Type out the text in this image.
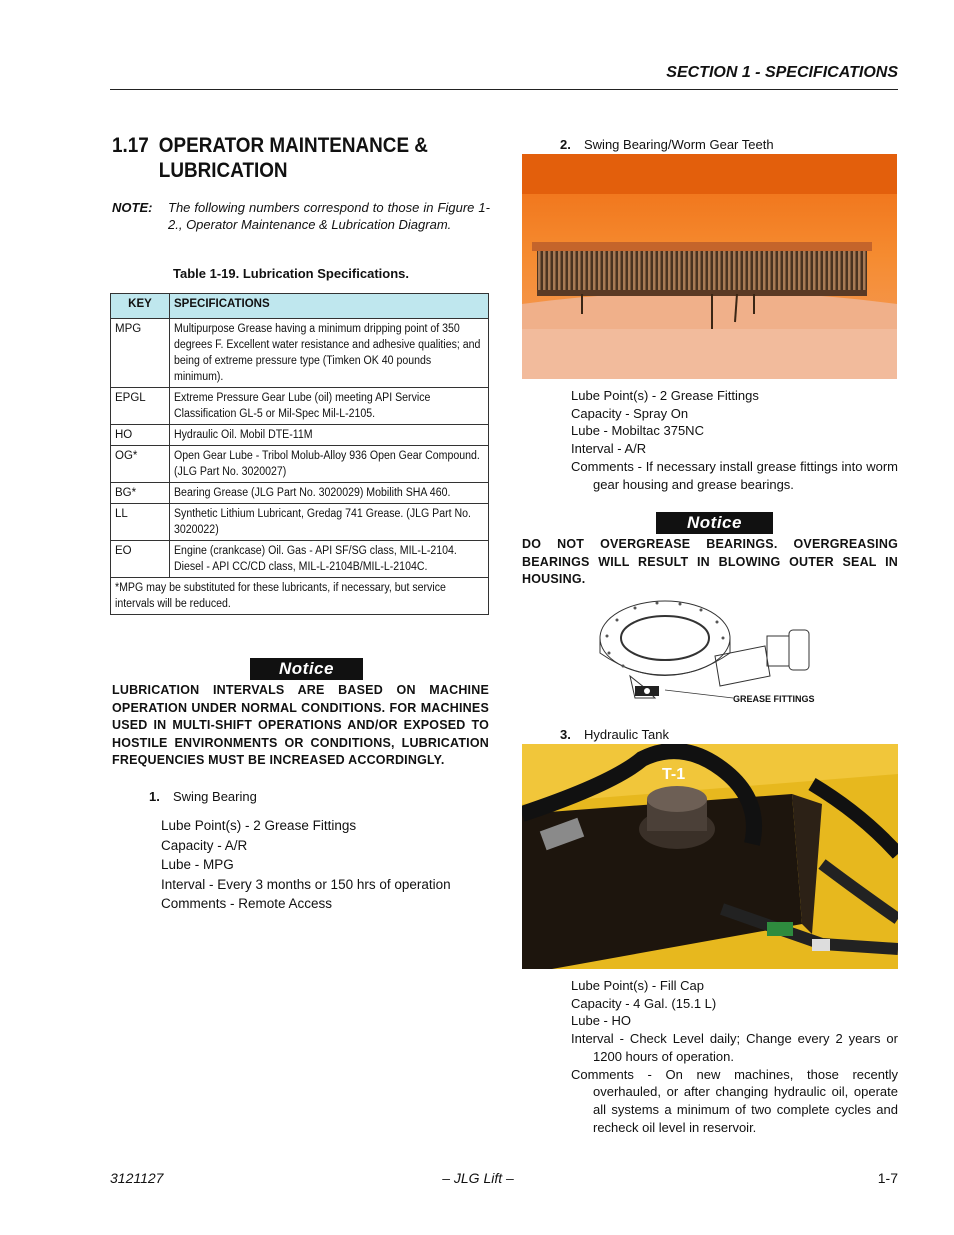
SECTION 1 - SPECIFICATIONS
1.17 OPERATOR MAINTENANCE &
LUBRICATION
NOTE: The following numbers correspond to those in Figure 1-2., Operator Maintenance & Lubrication Diagram.
Table 1-19. Lubrication Specifications.
KEY	SPECIFICATIONS
MPG	Multipurpose Grease having a minimum dripping point of 350 degrees F. Excellent water resistance and adhesive qualities; and being of extreme pressure type (Timken OK 40 pounds minimum).

EPGL	Extreme Pressure Gear Lube (oil) meeting API Service Classification GL-5 or Mil-Spec Mil-L-2105.

HO	Hydraulic Oil. Mobil DTE-11M

OG*	Open Gear Lube - Tribol Molub-Alloy 936 Open Gear Compound. (JLG Part No. 3020027)

BG*	Bearing Grease (JLG Part No. 3020029) Mobilith SHA 460.

LL	Synthetic Lithium Lubricant, Gredag 741 Grease. (JLG Part No. 3020022)

EO	Engine (crankcase) Oil. Gas - API SF/SG class, MIL-L-2104. Diesel - API CC/CD class, MIL-L-2104B/MIL-L-2104C.

*MPG may be substituted for these lubricants, if necessary, but service intervals will be reduced.	
Notice
LUBRICATION INTERVALS ARE BASED ON MACHINE OPERATION UNDER NORMAL CONDITIONS. FOR MACHINES USED IN MULTI-SHIFT OPERATIONS AND/OR EXPOSED TO HOSTILE ENVIRONMENTS OR CONDITIONS, LUBRICATION FREQUENCIES MUST BE INCREASED ACCORDINGLY.
1. Swing Bearing
Lube Point(s) - 2 Grease Fittings
Capacity - A/R
Lube - MPG
Interval - Every 3 months or 150 hrs of operation
Comments - Remote Access
2. Swing Bearing/Worm Gear Teeth
Lube Point(s) - 2 Grease Fittings
Capacity - Spray On
Lube - Mobiltac 375NC
Interval - A/R
Comments - If necessary install grease fittings into worm gear housing and grease bearings.
Notice
DO NOT OVERGREASE BEARINGS. OVERGREASING BEARINGS WILL RESULT IN BLOWING OUTER SEAL IN HOUSING.
GREASE FITTINGS
3. Hydraulic Tank
T-1
Lube Point(s) - Fill Cap
Capacity - 4 Gal. (15.1 L)
Lube - HO
Interval - Check Level daily; Change every 2 years or 1200 hours of operation.
Comments - On new machines, those recently overhauled, or after changing hydraulic oil, operate all systems a minimum of two complete cycles and recheck oil level in reservoir.
3121127	– JLG Lift –	1-7
